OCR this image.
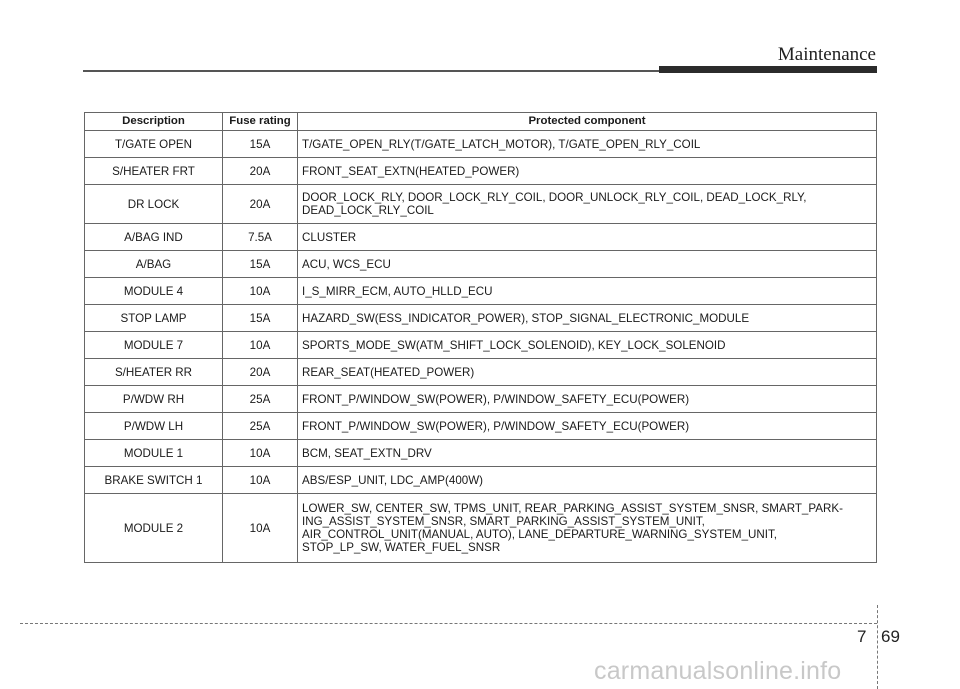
Maintenance
Description	Fuse rating	Protected component
T/GATE OPEN	15A	T/GATE_OPEN_RLY(T/GATE_LATCH_MOTOR), T/GATE_OPEN_RLY_COIL
S/HEATER FRT	20A	FRONT_SEAT_EXTN(HEATED_POWER)
DR LOCK	20A	DOOR_LOCK_RLY, DOOR_LOCK_RLY_COIL, DOOR_UNLOCK_RLY_COIL, DEAD_LOCK_RLY,
DEAD_LOCK_RLY_COIL
A/BAG IND	7.5A	CLUSTER
A/BAG	15A	ACU, WCS_ECU
MODULE 4	10A	I_S_MIRR_ECM, AUTO_HLLD_ECU
STOP LAMP	15A	HAZARD_SW(ESS_INDICATOR_POWER), STOP_SIGNAL_ELECTRONIC_MODULE
MODULE 7	10A	SPORTS_MODE_SW(ATM_SHIFT_LOCK_SOLENOID), KEY_LOCK_SOLENOID
S/HEATER RR	20A	REAR_SEAT(HEATED_POWER)
P/WDW RH	25A	FRONT_P/WINDOW_SW(POWER), P/WINDOW_SAFETY_ECU(POWER)
P/WDW LH	25A	FRONT_P/WINDOW_SW(POWER), P/WINDOW_SAFETY_ECU(POWER)
MODULE 1	10A	BCM, SEAT_EXTN_DRV
BRAKE SWITCH 1	10A	ABS/ESP_UNIT, LDC_AMP(400W)
MODULE 2	10A	LOWER_SW, CENTER_SW, TPMS_UNIT, REAR_PARKING_ASSIST_SYSTEM_SNSR, SMART_PARK-
ING_ASSIST_SYSTEM_SNSR, SMART_PARKING_ASSIST_SYSTEM_UNIT,
AIR_CONTROL_UNIT(MANUAL, AUTO), LANE_DEPARTURE_WARNING_SYSTEM_UNIT,
STOP_LP_SW, WATER_FUEL_SNSR
7 69
carmanualsonline.info
